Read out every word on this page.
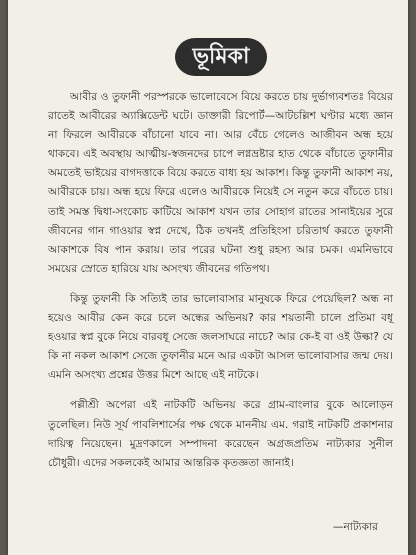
ভূমিকা

আবীর ও তুফানী পরস্পরকে ভালোবেসে বিয়ে করতে চায় দুর্ভাগ্যবশতঃ বিয়ের রাতেই আবীরের অ্যাক্সিডেন্ট ঘটে। ডাক্তারী রিপোর্ট—আটচল্লিশ ঘণ্টার মধ্যে জ্ঞান না ফিরলে আবীরকে বাঁচানো যাবে না। আর বেঁচে গেলেও আজীবন অন্ধ হয়ে থাকবে। এই অবস্থায় আত্মীয়-স্বজনদের চাপে লগ্নভ্রষ্টার হাত থেকে বাঁচাতে তুফানীর অমতেই ভাইয়ের বাগদত্তাকে বিয়ে করতে বাধ্য হয় আকাশ। কিন্তু তুফানী আকাশ নয়, আবীরকে চায়। অন্ধ হয়ে ফিরে এলেও আবীরকে নিয়েই সে নতুন করে বাঁচতে চায়। তাই সমস্ত দ্বিধা-সংকোচ কাটিয়ে আকাশ যখন তার সোহাগ রাতের সানাইয়ের সুরে জীবনের গান গাওয়ার স্বপ্ন দেখে, ঠিক তখনই প্রতিহিংসা চরিতার্থ করতে তুফানী আকাশকে বিষ পান করায়। তার পরের ঘটনা শুধু রহস্য আর চমক। এমনিভাবে সময়ের স্রোতে হারিয়ে যায় অসংখ্য জীবনের গতিপথ।

কিন্তু তুফানী কি সত্যিই তার ভালোবাসার মানুষকে ফিরে পেয়েছিল? অন্ধ না হয়েও আবীর কেন করে চলে অন্ধের অভিনয়? কার শয়তানী চালে প্রতিমা বধূ হওয়ার স্বপ্ন বুকে নিয়ে বারবধূ সেজে জলসাঘরে নাচে? আর কে-ই বা ওই উল্কা? যে কি না নকল আকাশ সেজে তুফানীর মনে আর একটা আসল ভালোবাসার জন্ম দেয়। এমনি অসংখ্য প্রশ্নের উত্তর মিশে আছে এই নাটকে।

পল্লীশ্রী অপেরা এই নাটকটি অভিনয় করে গ্রাম-বাংলার বুকে আলোড়ন তুলেছিল। নিউ সূর্য পাবলিশার্সের পক্ষ থেকে মাননীয় এম. গরাই নাটকটি প্রকাশনার দায়িত্ব নিয়েছেন। মুদ্রণকালে সম্পাদনা করেছেন অগ্রজপ্রতিম নাট্যকার সুনীল চৌধুরী। এদের সকলকেই আমার আন্তরিক কৃতজ্ঞতা জানাই।

—নাট্যকার
